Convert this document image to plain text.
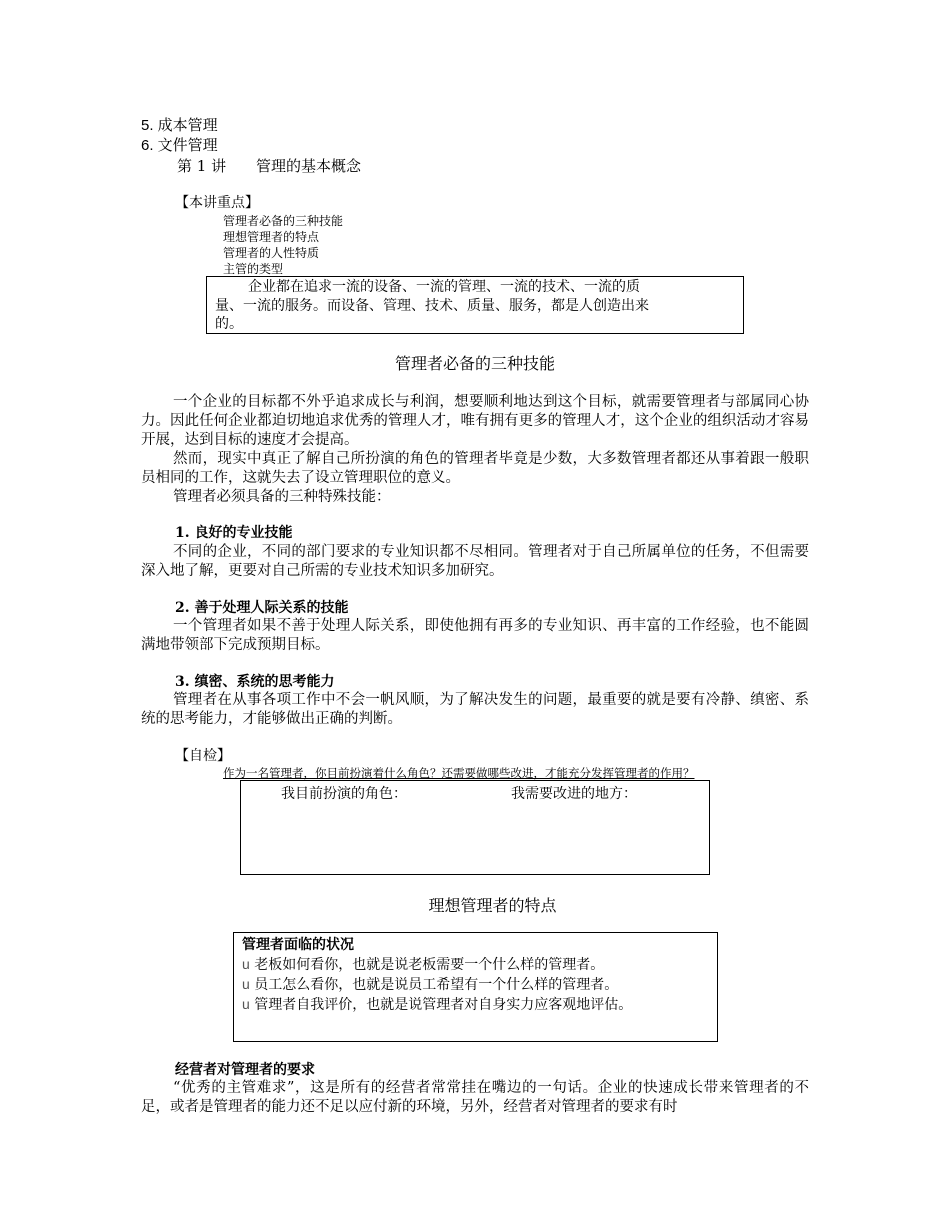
5. 成本管理
6. 文件管理
第 1 讲 管理的基本概念
【本讲重点】
管理者必备的三种技能
理想管理者的特点
管理者的人性特质
主管的类型
企业都在追求一流的设备、一流的管理、一流的技术、一流的质
量、一流的服务。而设备、管理、技术、质量、服务，都是人创造出来
的。
管理者必备的三种技能
一个企业的目标都不外乎追求成长与利润，想要顺利地达到这个目标，就需要管理者与部属同心协力。因此任何企业都迫切地追求优秀的管理人才，唯有拥有更多的管理人才，这个企业的组织活动才容易开展，达到目标的速度才会提高。
然而，现实中真正了解自己所扮演的角色的管理者毕竟是少数，大多数管理者都还从事着跟一般职员相同的工作，这就失去了设立管理职位的意义。
管理者必须具备的三种特殊技能：
1. 良好的专业技能
不同的企业，不同的部门要求的专业知识都不尽相同。管理者对于自己所属单位的任务，不但需要深入地了解，更要对自己所需的专业技术知识多加研究。
2. 善于处理人际关系的技能
一个管理者如果不善于处理人际关系，即使他拥有再多的专业知识、再丰富的工作经验，也不能圆满地带领部下完成预期目标。
3. 缜密、系统的思考能力
管理者在从事各项工作中不会一帆风顺，为了解决发生的问题，最重要的就是要有冷静、缜密、系统的思考能力，才能够做出正确的判断。
【自检】
作为一名管理者，你目前扮演着什么角色？还需要做哪些改进，才能充分发挥管理者的作用？
我目前扮演的角色：	我需要改进的地方：
理想管理者的特点
管理者面临的状况
u 老板如何看你，也就是说老板需要一个什么样的管理者。
u 员工怎么看你，也就是说员工希望有一个什么样的管理者。
u 管理者自我评价，也就是说管理者对自身实力应客观地评估。
经营者对管理者的要求
“优秀的主管难求”，这是所有的经营者常常挂在嘴边的一句话。企业的快速成长带来管理者的不足，或者是管理者的能力还不足以应付新的环境，另外，经营者对管理者的要求有时
